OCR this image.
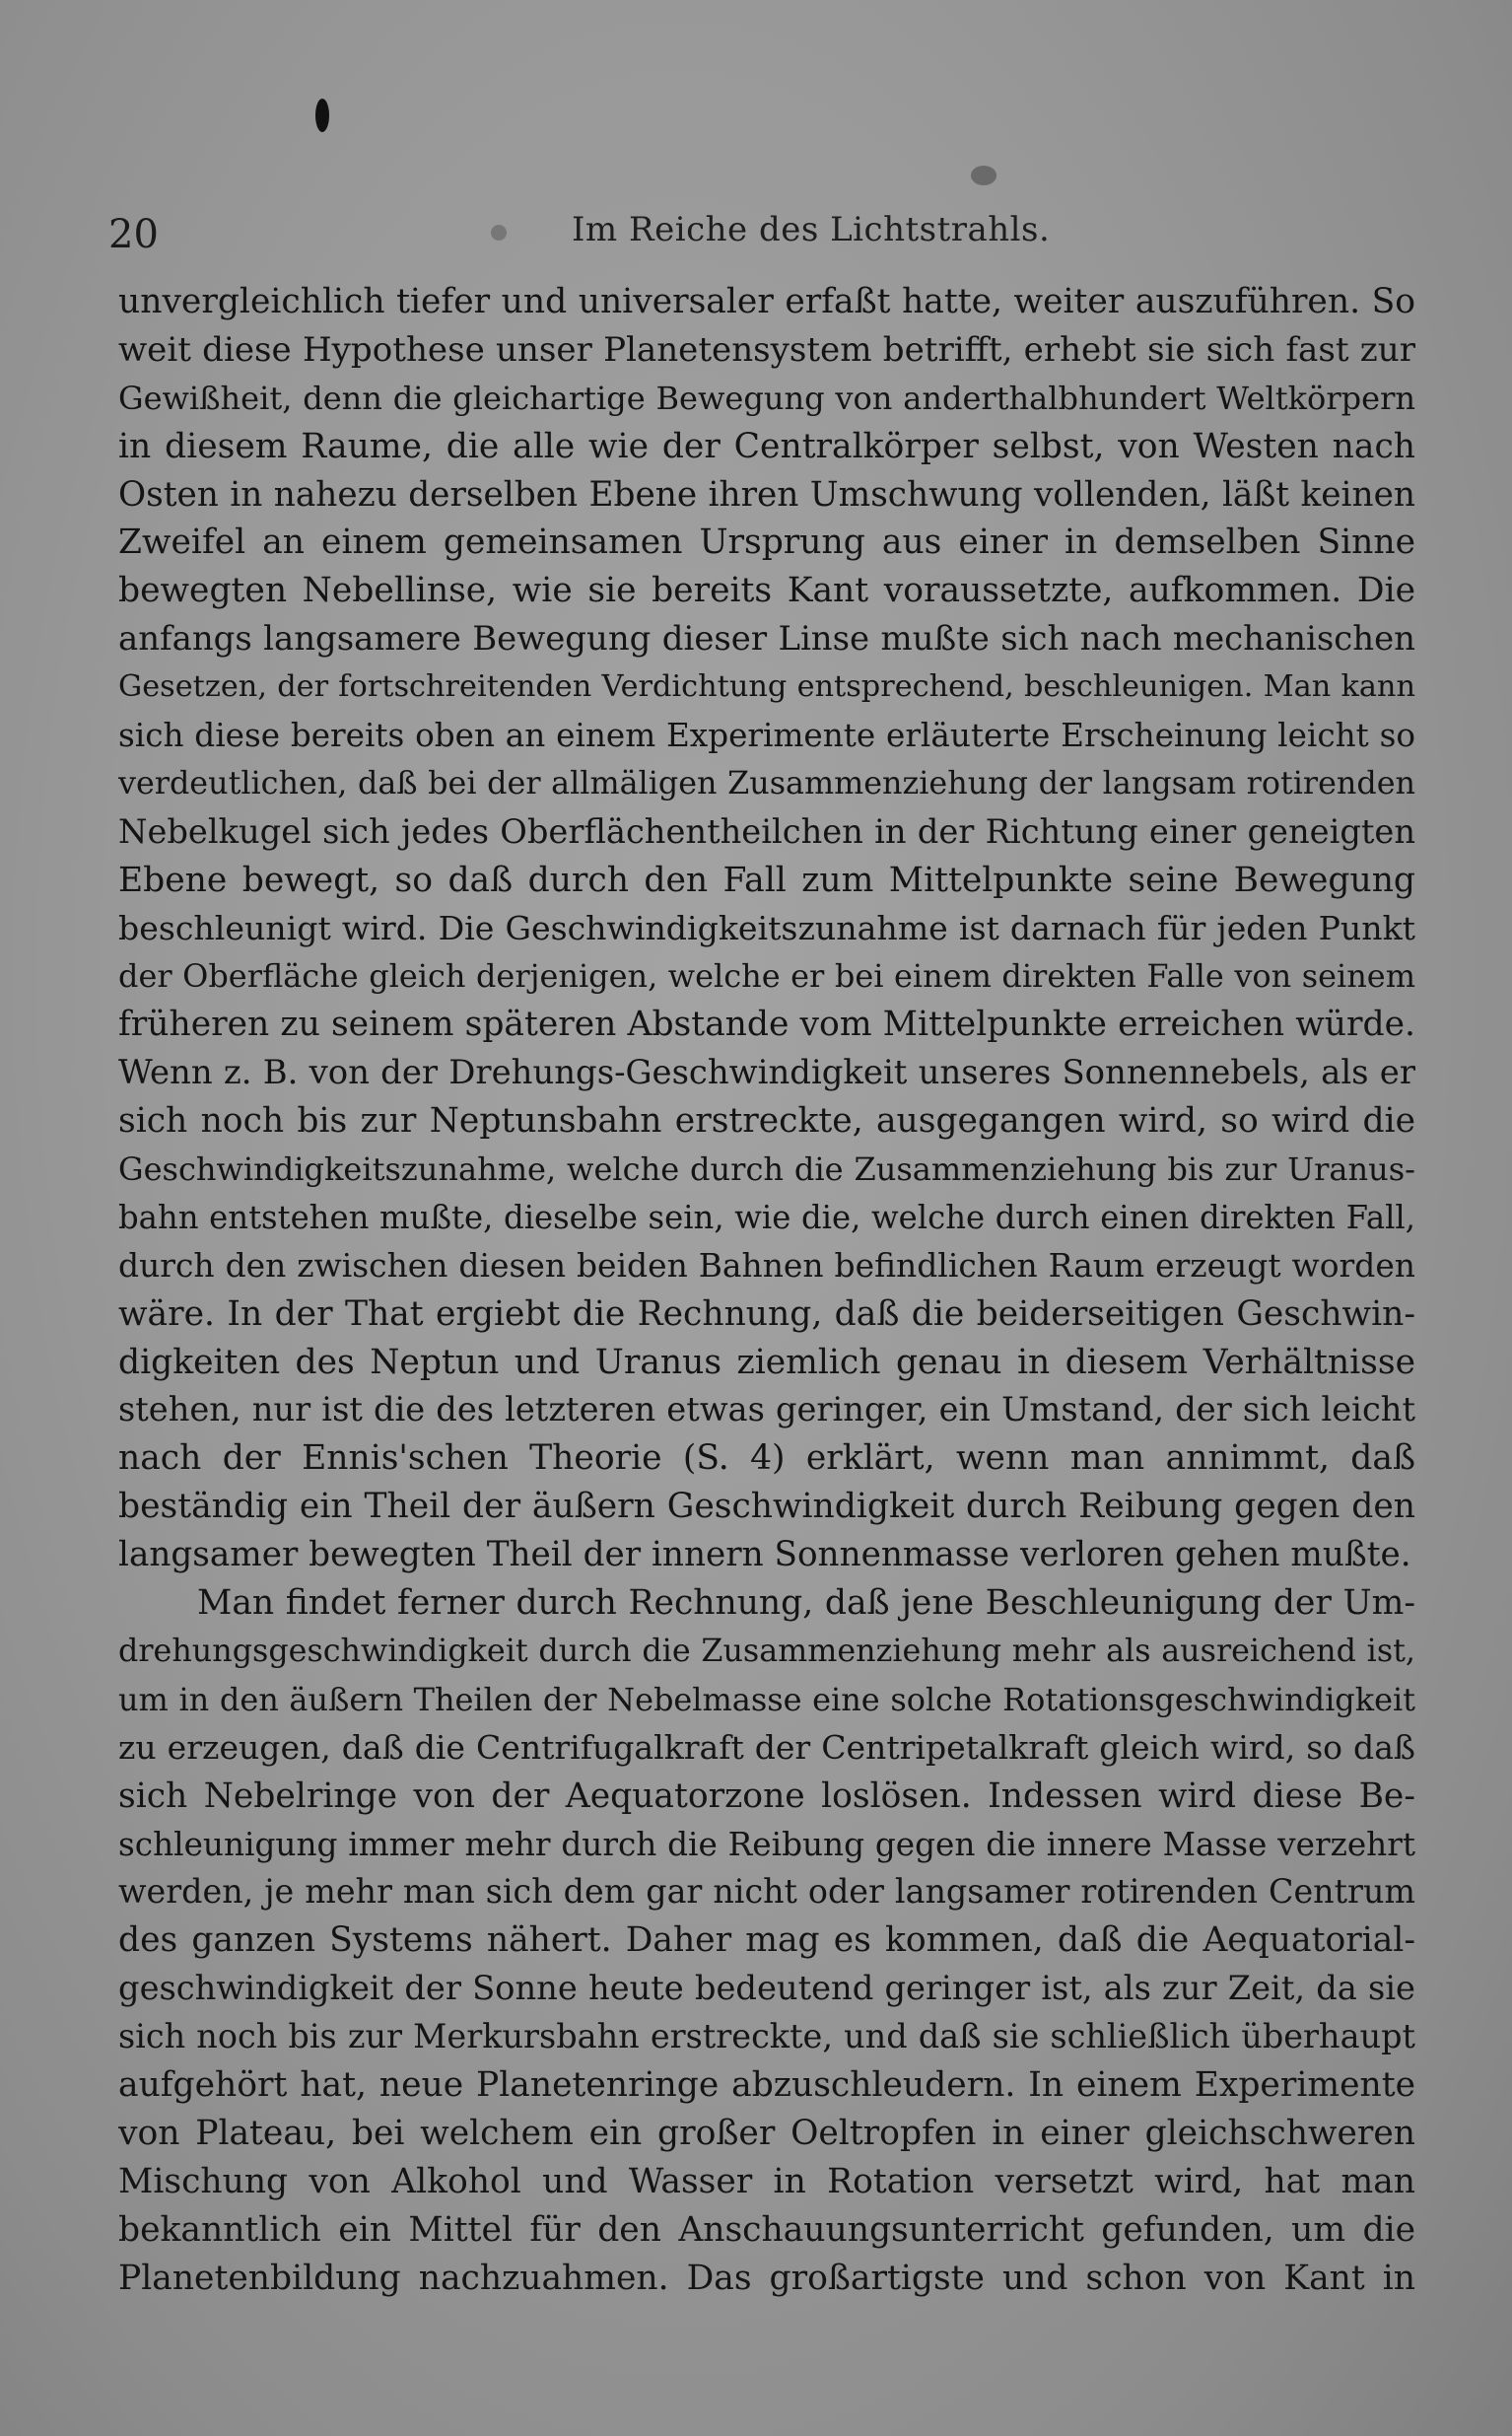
20	Im Reiche des Lichtstrahls.
unvergleichlich tiefer und universaler erfaßt hatte, weiter auszuführen. So
weit diese Hypothese unser Planetensystem betrifft, erhebt sie sich fast zur
Gewißheit, denn die gleichartige Bewegung von anderthalbhundert Weltkörpern
in diesem Raume, die alle wie der Centralkörper selbst, von Westen nach
Osten in nahezu derselben Ebene ihren Umschwung vollenden, läßt keinen
Zweifel an einem gemeinsamen Ursprung aus einer in demselben Sinne
bewegten Nebellinse, wie sie bereits Kant voraussetzte, aufkommen. Die
anfangs langsamere Bewegung dieser Linse mußte sich nach mechanischen
Gesetzen, der fortschreitenden Verdichtung entsprechend, beschleunigen. Man kann
sich diese bereits oben an einem Experimente erläuterte Erscheinung leicht so
verdeutlichen, daß bei der allmäligen Zusammenziehung der langsam rotirenden
Nebelkugel sich jedes Oberflächentheilchen in der Richtung einer geneigten
Ebene bewegt, so daß durch den Fall zum Mittelpunkte seine Bewegung
beschleunigt wird. Die Geschwindigkeitszunahme ist darnach für jeden Punkt
der Oberfläche gleich derjenigen, welche er bei einem direkten Falle von seinem
früheren zu seinem späteren Abstande vom Mittelpunkte erreichen würde.
Wenn z. B. von der Drehungs-Geschwindigkeit unseres Sonnennebels, als er
sich noch bis zur Neptunsbahn erstreckte, ausgegangen wird, so wird die
Geschwindigkeitszunahme, welche durch die Zusammenziehung bis zur Uranus-
bahn entstehen mußte, dieselbe sein, wie die, welche durch einen direkten Fall,
durch den zwischen diesen beiden Bahnen befindlichen Raum erzeugt worden
wäre. In der That ergiebt die Rechnung, daß die beiderseitigen Geschwin-
digkeiten des Neptun und Uranus ziemlich genau in diesem Verhältnisse
stehen, nur ist die des letzteren etwas geringer, ein Umstand, der sich leicht
nach der Ennis'schen Theorie (S. 4) erklärt, wenn man annimmt, daß
beständig ein Theil der äußern Geschwindigkeit durch Reibung gegen den
langsamer bewegten Theil der innern Sonnenmasse verloren gehen mußte.
Man findet ferner durch Rechnung, daß jene Beschleunigung der Um-
drehungsgeschwindigkeit durch die Zusammenziehung mehr als ausreichend ist,
um in den äußern Theilen der Nebelmasse eine solche Rotationsgeschwindigkeit
zu erzeugen, daß die Centrifugalkraft der Centripetalkraft gleich wird, so daß
sich Nebelringe von der Aequatorzone loslösen. Indessen wird diese Be-
schleunigung immer mehr durch die Reibung gegen die innere Masse verzehrt
werden, je mehr man sich dem gar nicht oder langsamer rotirenden Centrum
des ganzen Systems nähert. Daher mag es kommen, daß die Aequatorial-
geschwindigkeit der Sonne heute bedeutend geringer ist, als zur Zeit, da sie
sich noch bis zur Merkursbahn erstreckte, und daß sie schließlich überhaupt
aufgehört hat, neue Planetenringe abzuschleudern. In einem Experimente
von Plateau, bei welchem ein großer Oeltropfen in einer gleichschweren
Mischung von Alkohol und Wasser in Rotation versetzt wird, hat man
bekanntlich ein Mittel für den Anschauungsunterricht gefunden, um die
Planetenbildung nachzuahmen. Das großartigste und schon von Kant in
